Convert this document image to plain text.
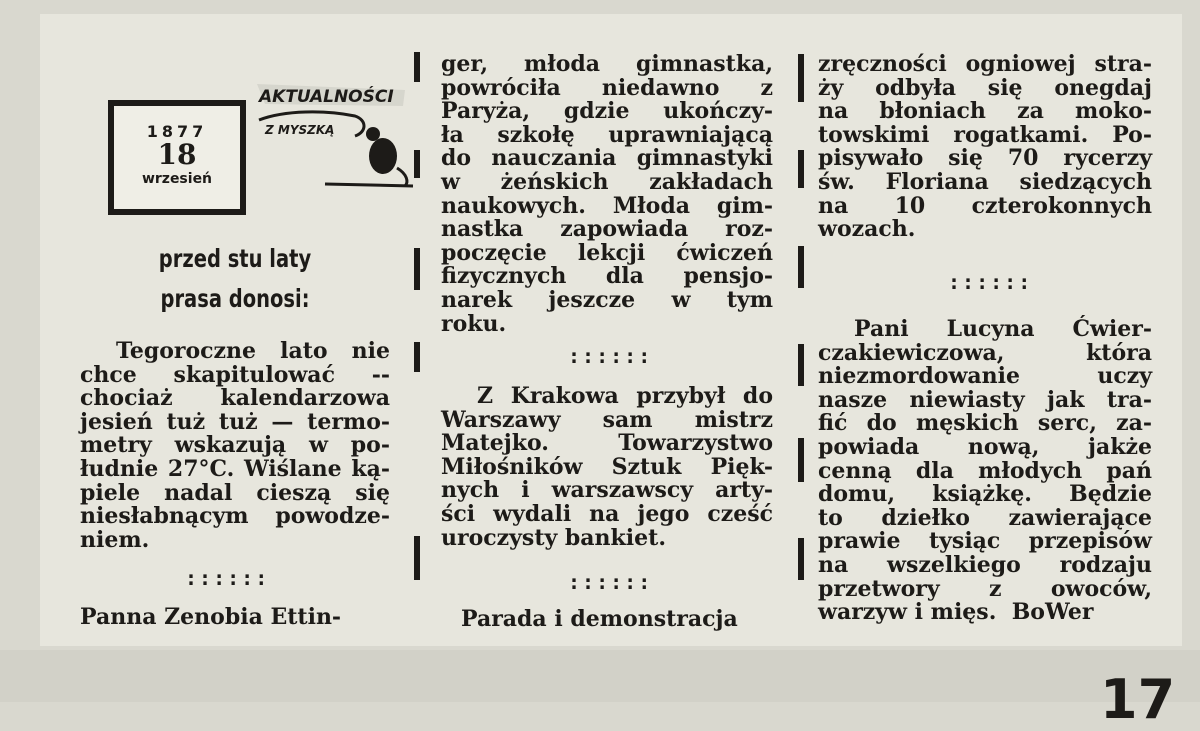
1877
18
wrzesień
AKTUALNOŚCI
Z MYSZKĄ
przed stu laty
prasa donosi:

Tegoroczne lato nie

chce skapitulować --

chociaż kalendarzowa

jesień tuż tuż — termo-

metry wskazują w po-

łudnie 27°C. Wiślane ką-

piele nadal cieszą się

niesłabnącym powodze-

niem.

::::::

Panna Zenobia Ettin-

ger, młoda gimnastka,

powróciła niedawno z

Paryża, gdzie ukończy-

ła szkołę uprawniającą

do nauczania gimnastyki

w żeńskich zakładach

naukowych. Młoda gim-

nastka zapowiada roz-

poczęcie lekcji ćwiczeń

fizycznych dla pensjo-

narek jeszcze w tym

roku.

::::::

Z Krakowa przybył do

Warszawy sam mistrz

Matejko. Towarzystwo

Miłośników Sztuk Pięk-

nych i warszawscy arty-

ści wydali na jego cześć

uroczysty bankiet.

::::::

Parada i demonstracja

zręczności ogniowej stra-

ży odbyła się onegdaj

na błoniach za moko-

towskimi rogatkami. Po-

pisywało się 70 rycerzy

św. Floriana siedzących

na 10 czterokonnych

wozach.

::::::

Pani Lucyna Ćwier-

czakiewiczowa, która

niezmordowanie uczy

nasze niewiasty jak tra-

fić do męskich serc, za-

powiada nową, jakże

cenną dla młodych pań

domu, książkę. Będzie

to dziełko zawierające

prawie tysiąc przepisów

na wszelkiego rodzaju

przetwory z owoców,

warzyw i mięs. BoWer

17
